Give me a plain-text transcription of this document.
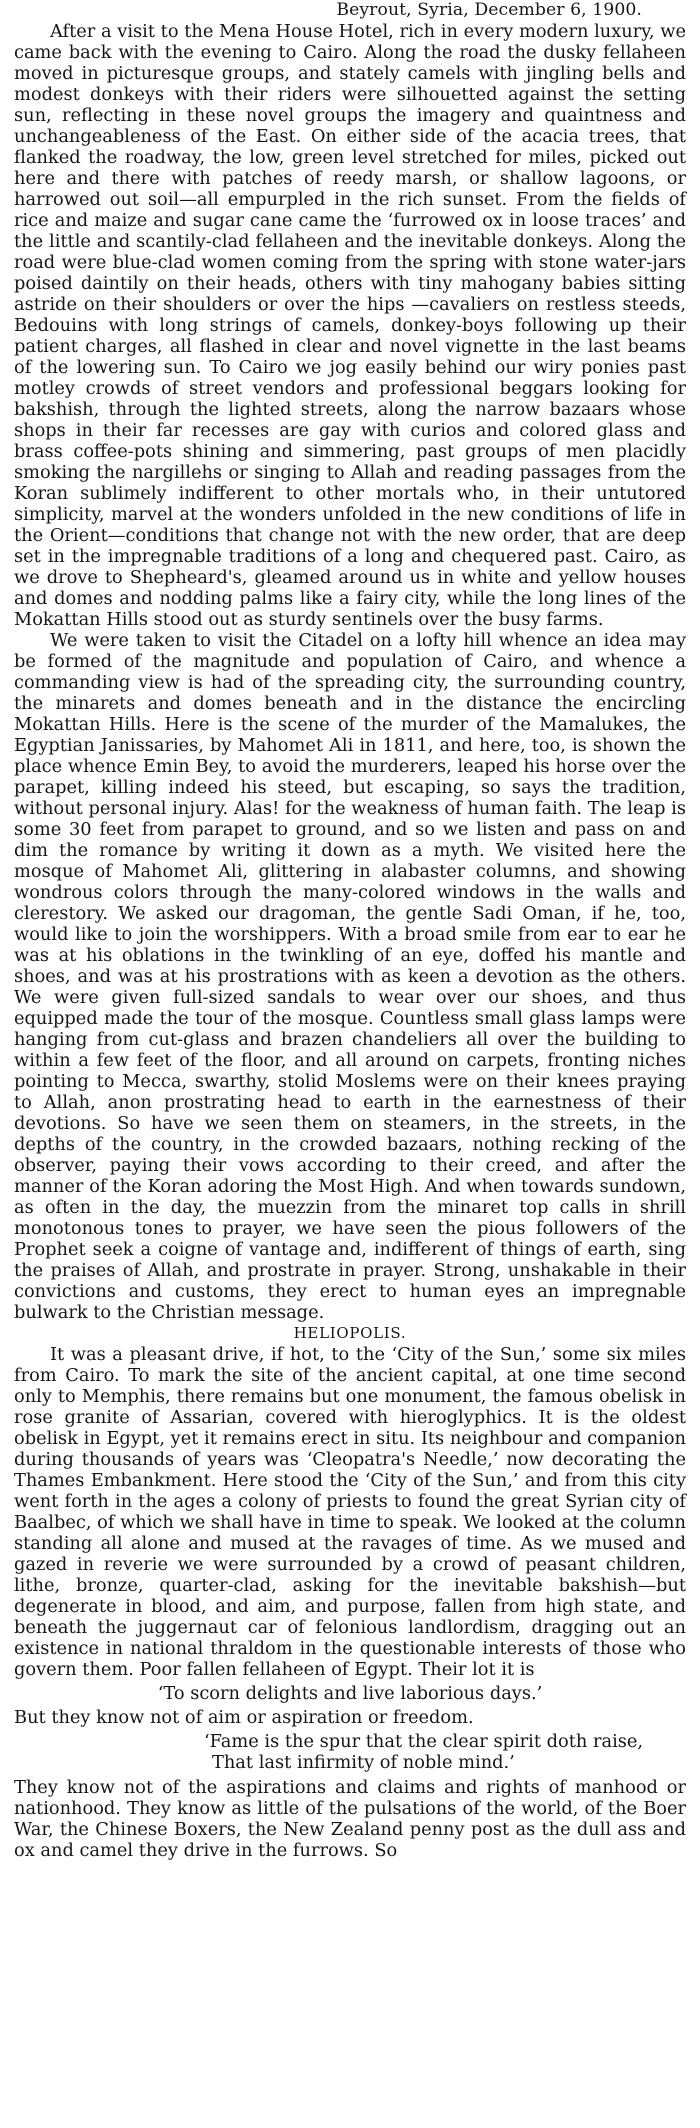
Beyrout, Syria, December 6, 1900.

After a visit to the Mena House Hotel, rich in every modern luxury, we came back with the evening to Cairo. Along the road the dusky fellaheen moved in picturesque groups, and stately camels with jingling bells and modest donkeys with their riders were silhouetted against the setting sun, reflecting in these novel groups the imagery and quaintness and unchangeableness of the East. On either side of the acacia trees, that flanked the roadway, the low, green level stretched for miles, picked out here and there with patches of reedy marsh, or shallow lagoons, or harrowed out soil—all empurpled in the rich sunset. From the fields of rice and maize and sugar cane came the ‘furrowed ox in loose traces’ and the little and scantily-clad fellaheen and the inevitable donkeys. Along the road were blue-clad women coming from the spring with stone water-jars poised daintily on their heads, others with tiny mahogany babies sitting astride on their shoulders or over the hips —cavaliers on restless steeds, Bedouins with long strings of camels, donkey-boys following up their patient charges, all flashed in clear and novel vignette in the last beams of the lowering sun. To Cairo we jog easily behind our wiry ponies past motley crowds of street vendors and professional beggars looking for bakshish, through the lighted streets, along the narrow bazaars whose shops in their far recesses are gay with curios and colored glass and brass coffee-pots shining and simmering, past groups of men placidly smoking the nargillehs or singing to Allah and reading passages from the Koran sublimely indifferent to other mortals who, in their untutored simplicity, marvel at the wonders unfolded in the new conditions of life in the Orient—conditions that change not with the new order, that are deep set in the impregnable traditions of a long and chequered past. Cairo, as we drove to Shepheard's, gleamed around us in white and yellow houses and domes and nodding palms like a fairy city, while the long lines of the Mokattan Hills stood out as sturdy sentinels over the busy farms.

We were taken to visit the Citadel on a lofty hill whence an idea may be formed of the magnitude and population of Cairo, and whence a commanding view is had of the spreading city, the surrounding country, the minarets and domes beneath and in the distance the encircling Mokattan Hills. Here is the scene of the murder of the Mamalukes, the Egyptian Janissaries, by Mahomet Ali in 1811, and here, too, is shown the place whence Emin Bey, to avoid the murderers, leaped his horse over the parapet, killing indeed his steed, but escaping, so says the tradition, without personal injury. Alas! for the weakness of human faith. The leap is some 30 feet from parapet to ground, and so we listen and pass on and dim the romance by writing it down as a myth. We visited here the mosque of Mahomet Ali, glittering in alabaster columns, and showing wondrous colors through the many-colored windows in the walls and clerestory. We asked our dragoman, the gentle Sadi Oman, if he, too, would like to join the worshippers. With a broad smile from ear to ear he was at his oblations in the twinkling of an eye, doffed his mantle and shoes, and was at his prostrations with as keen a devotion as the others. We were given full-sized sandals to wear over our shoes, and thus equipped made the tour of the mosque. Countless small glass lamps were hanging from cut-glass and brazen chandeliers all over the building to within a few feet of the floor, and all around on carpets, fronting niches pointing to Mecca, swarthy, stolid Moslems were on their knees praying to Allah, anon prostrating head to earth in the earnestness of their devotions. So have we seen them on steamers, in the streets, in the depths of the country, in the crowded bazaars, nothing recking of the observer, paying their vows according to their creed, and after the manner of the Koran adoring the Most High. And when towards sundown, as often in the day, the muezzin from the minaret top calls in shrill monotonous tones to prayer, we have seen the pious followers of the Prophet seek a coigne of vantage and, indifferent of things of earth, sing the praises of Allah, and prostrate in prayer. Strong, unshakable in their convictions and customs, they erect to human eyes an impregnable bulwark to the Christian message.

HELIOPOLIS.

It was a pleasant drive, if hot, to the ‘City of the Sun,’ some six miles from Cairo. To mark the site of the ancient capital, at one time second only to Memphis, there remains but one monument, the famous obelisk in rose granite of Assarian, covered with hieroglyphics. It is the oldest obelisk in Egypt, yet it remains erect in situ. Its neighbour and companion during thousands of years was ‘Cleopatra's Needle,’ now decorating the Thames Embankment. Here stood the ‘City of the Sun,’ and from this city went forth in the ages a colony of priests to found the great Syrian city of Baalbec, of which we shall have in time to speak. We looked at the column standing all alone and mused at the ravages of time. As we mused and gazed in reverie we were surrounded by a crowd of peasant children, lithe, bronze, quarter-clad, asking for the inevitable bakshish—but degenerate in blood, and aim, and purpose, fallen from high state, and beneath the juggernaut car of felonious landlordism, dragging out an existence in national thraldom in the questionable interests of those who govern them. Poor fallen fellaheen of Egypt. Their lot it is

‘To scorn delights and live laborious days.’

But they know not of aim or aspiration or freedom.

‘Fame is the spur that the clear spirit doth raise,
That last infirmity of noble mind.’

They know not of the aspirations and claims and rights of manhood or nationhood. They know as little of the pulsations of the world, of the Boer War, the Chinese Boxers, the New Zealand penny post as the dull ass and ox and camel they drive in the furrows. So
